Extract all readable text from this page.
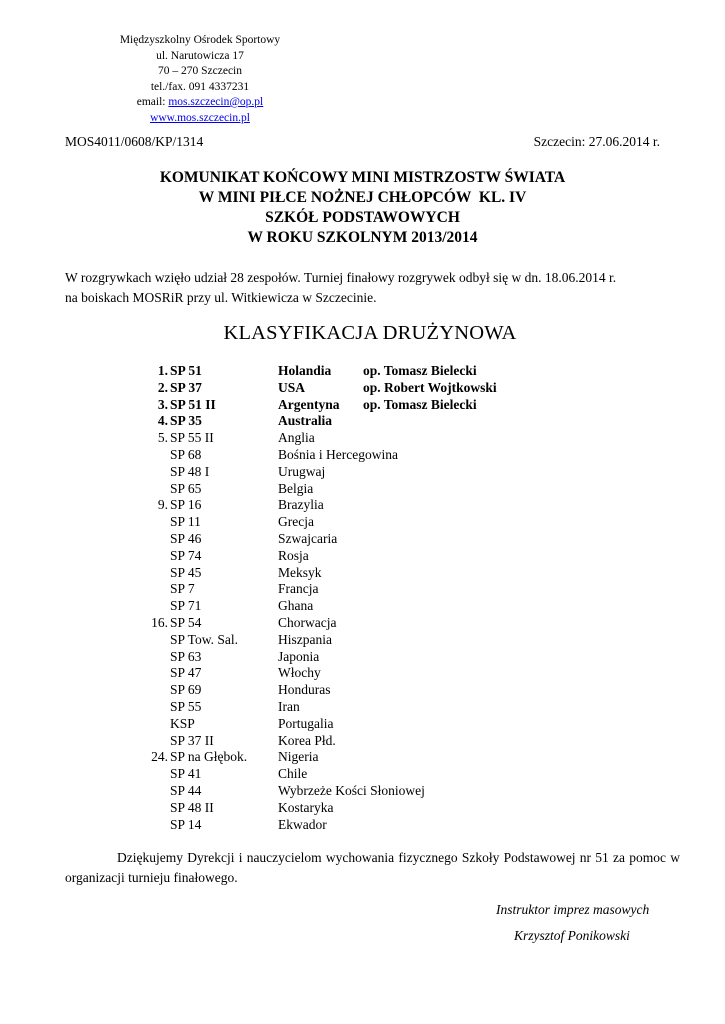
Międzyszkolny Ośrodek Sportowy
ul. Narutowicza 17
70 – 270 Szczecin
tel./fax. 091 4337231
email: mos.szczecin@op.pl
www.mos.szczecin.pl
MOS4011/0608/KP/1314	Szczecin: 27.06.2014 r.
KOMUNIKAT KOŃCOWY MINI MISTRZOSTW ŚWIATA
W MINI PIŁCE NOŻNEJ CHŁOPCÓW  KL. IV
SZKÓŁ PODSTAWOWYCH
W ROKU SZKOLNYM 2013/2014
W rozgrywkach wzięło udział 28 zespołów. Turniej finałowy rozgrywek odbył się w dn. 18.06.2014 r.
na boiskach MOSRiR przy ul. Witkiewicza w Szczecinie.
KLASYFIKACJA DRUŻYNOWA
1. SP 51	Holandia op. Tomasz Bielecki
2. SP 37	USA	op. Robert Wojtkowski
3. SP 51 II	Argentyna op. Tomasz Bielecki
4. SP 35	Australia
5. SP 55 II	Anglia
SP 68	Bośnia i Hercegowina
SP 48 I	Urugwaj
SP 65	Belgia
9. SP 16	Brazylia
SP 11	Grecja
SP 46	Szwajcaria
SP 74	Rosja
SP 45	Meksyk
SP 7	Francja
SP 71	Ghana
16. SP 54	Chorwacja
SP Tow. Sal.	Hiszpania
SP 63	Japonia
SP 47	Włochy
SP 69	Honduras
SP 55	Iran
KSP	Portugalia
SP 37 II	Korea Płd.
24. SP na Głębok. Nigeria
SP 41	Chile
SP 44	Wybrzeże Kości Słoniowej
SP 48 II	Kostaryka
SP 14	Ekwador
Dziękujemy Dyrekcji i nauczycielom wychowania fizycznego Szkoły Podstawowej nr 51 za pomoc w organizacji turnieju finałowego.
Instruktor imprez masowych
Krzysztof Ponikowski
